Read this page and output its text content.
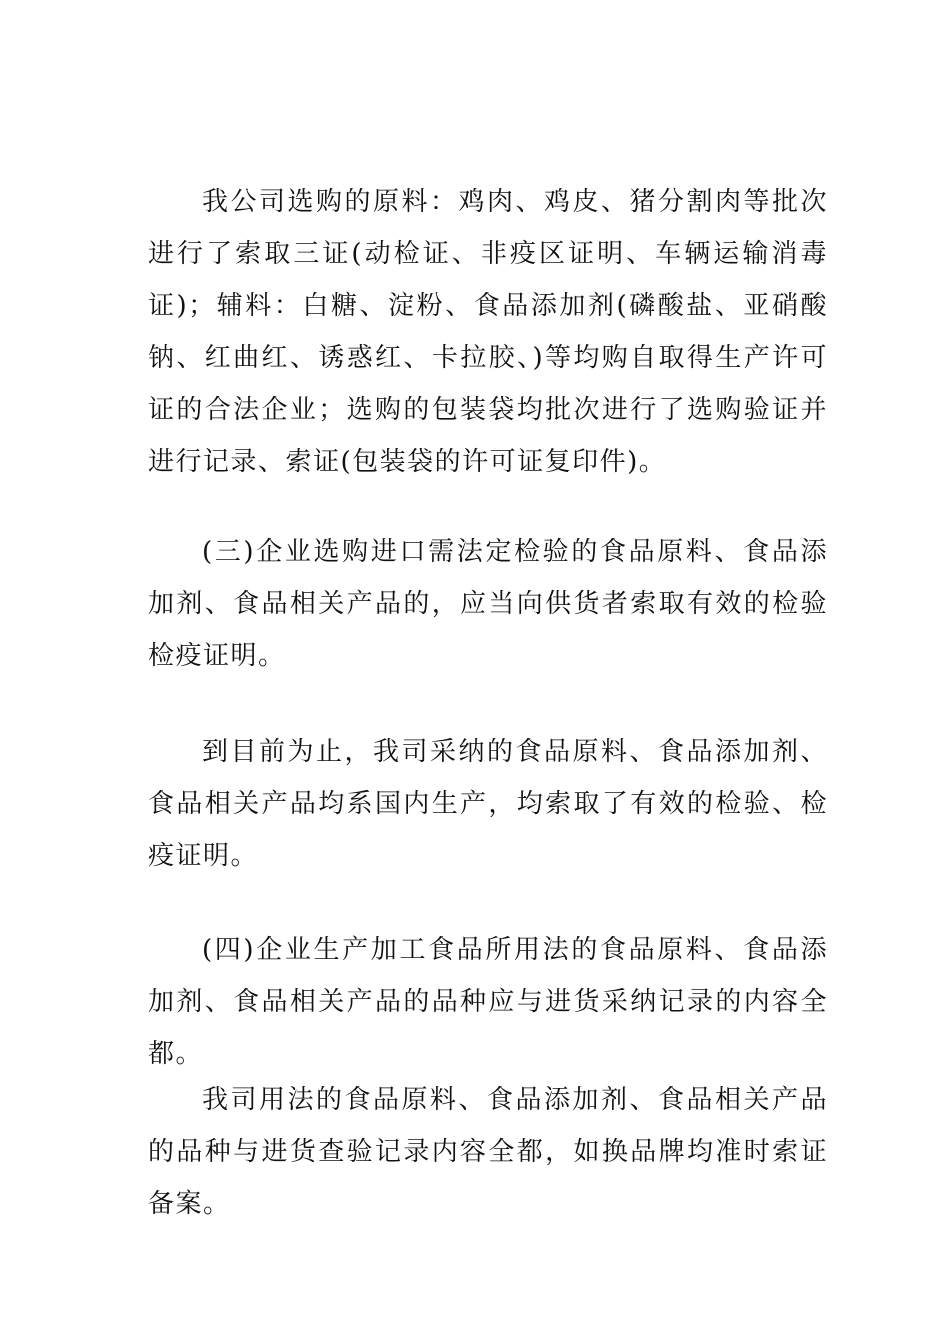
我公司选购的原料：鸡肉、鸡皮、猪分割肉等批次进行了索取三证(动检证、非疫区证明、车辆运输消毒证)；辅料：白糖、淀粉、食品添加剂(磷酸盐、亚硝酸钠、红曲红、诱惑红、卡拉胶、)等均购自取得生产许可证的合法企业；选购的包装袋均批次进行了选购验证并进行记录、索证(包装袋的许可证复印件)。

(三)企业选购进口需法定检验的食品原料、食品添加剂、食品相关产品的，应当向供货者索取有效的检验检疫证明。

到目前为止，我司采纳的食品原料、食品添加剂、食品相关产品均系国内生产，均索取了有效的检验、检疫证明。

(四)企业生产加工食品所用法的食品原料、食品添加剂、食品相关产品的品种应与进货采纳记录的内容全都。

我司用法的食品原料、食品添加剂、食品相关产品的品种与进货查验记录内容全都，如换品牌均准时索证备案。
